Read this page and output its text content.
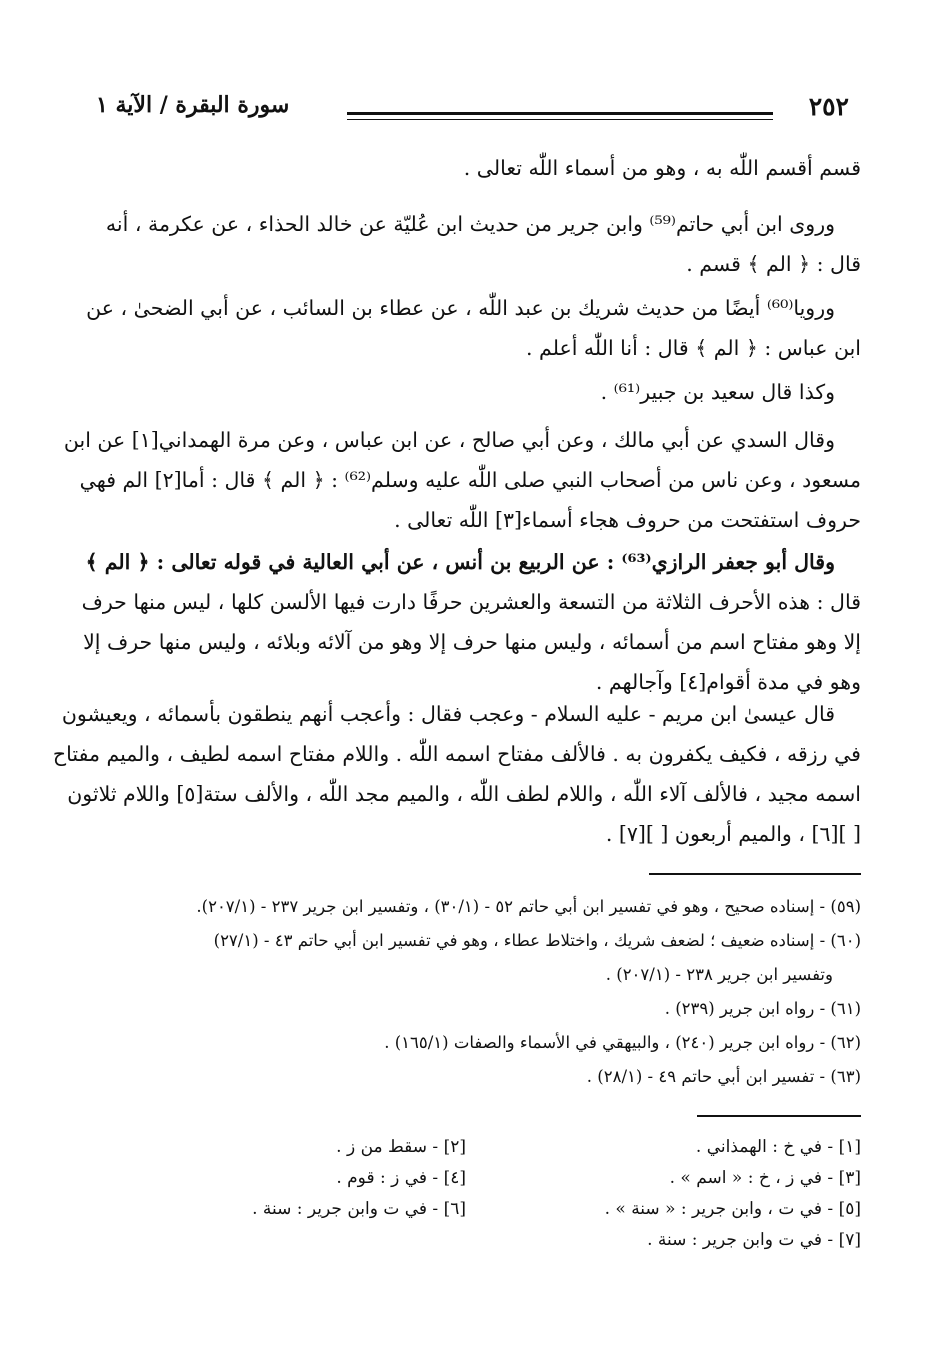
٢٥٢
سورة البقرة / الآية ١

قسم أقسم اللّٰه به ، وهو من أسماء اللّٰه تعالى .

وروى ابن أبي حاتم⁽⁵⁹⁾ وابن جرير من حديث ابن عُليّة عن خالد الحذاء ، عن عكرمة ، أنه
قال : ﴿ الم ﴾ قسم .

ورويا⁽⁶⁰⁾ أيضًا من حديث شريك بن عبد اللّٰه ، عن عطاء بن السائب ، عن أبي الضحىٰ ، عن
ابن عباس : ﴿ الم ﴾ قال : أنا اللّٰه أعلم .

وكذا قال سعيد بن جبير⁽⁶¹⁾ .

وقال السدي عن أبي مالك ، وعن أبي صالح ، عن ابن عباس ، وعن مرة الهمداني[١] عن ابن
مسعود ، وعن ناس من أصحاب النبي صلى اللّٰه عليه وسلم⁽⁶²⁾ : ﴿ الم ﴾ قال : أما[٢] الم فهي
حروف استفتحت من حروف هجاء أسماء[٣] اللّٰه تعالى .

وقال أبو جعفر الرازي⁽⁶³⁾ : عن الربيع بن أنس ، عن أبي العالية في قوله تعالى : ﴿ الم ﴾
قال : هذه الأحرف الثلاثة من التسعة والعشرين حرفًا دارت فيها الألسن كلها ، ليس منها حرف
إلا وهو مفتاح اسم من أسمائه ، وليس منها حرف إلا وهو من آلائه وبلائه ، وليس منها حرف إلا
وهو في مدة أقوام[٤] وآجالهم .

قال عيسىٰ ابن مريم - عليه السلام - وعجب فقال : وأعجب أنهم ينطقون بأسمائه ، ويعيشون
في رزقه ، فكيف يكفرون به . فالألف مفتاح اسمه اللّٰه . واللام مفتاح اسمه لطيف ، والميم مفتاح
اسمه مجيد ، فالألف آلاء اللّٰه ، واللام لطف اللّٰه ، والميم مجد اللّٰه ، والألف ستة[٥] واللام ثلاثون
[ ][٦] ، والميم أربعون [ ][٧] .

(٥٩) - إسناده صحيح ، وهو في تفسير ابن أبي حاتم ٥٢ - (٣٠/١) ، وتفسير ابن جرير ٢٣٧ - (٢٠٧/١).
(٦٠) - إسناده ضعيف ؛ لضعف شريك ، واختلاط عطاء ، وهو في تفسير ابن أبي حاتم ٤٣ - (٢٧/١)
وتفسير ابن جرير ٢٣٨ - (٢٠٧/١) .
(٦١) - رواه ابن جرير (٢٣٩) .
(٦٢) - رواه ابن جرير (٢٤٠) ، والبيهقي في الأسماء والصفات (١٦٥/١) .
(٦٣) - تفسير ابن أبي حاتم ٤٩ - (٢٨/١) .
[١] - في خ : الهمذاني .
[٢] - سقط من ز .
[٣] - في ز ، خ : « اسم » .
[٤] - في ز : قوم .
[٥] - في ت ، وابن جرير : « سنة » .
[٦] - في ت وابن جرير : سنة .
[٧] - في ت وابن جرير : سنة .
